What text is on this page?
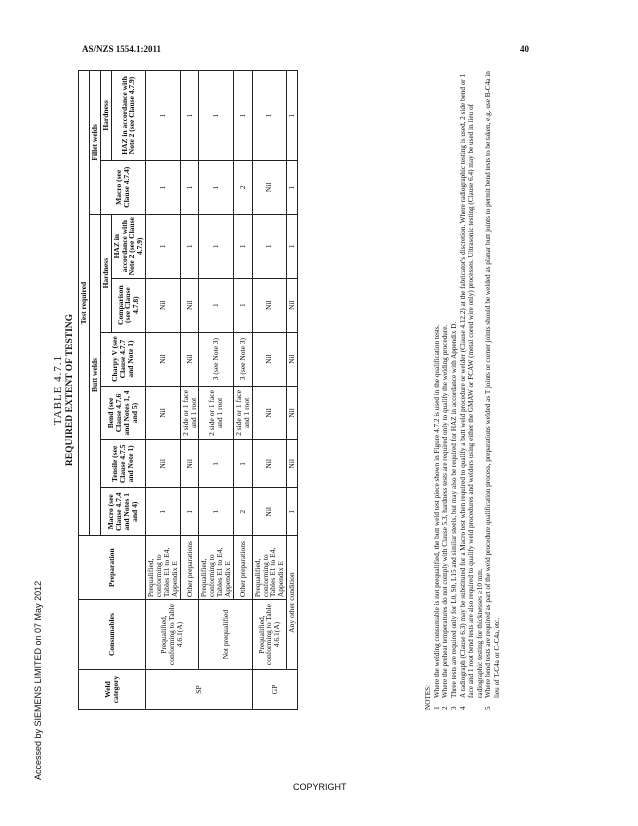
AS/NZS 1554.1:2011	40
Accessed by SIEMENS LIMITED on 07 May 2012
COPYRIGHT
TABLE 4.7.1 REQUIRED EXTENT OF TESTING
Weld category	Consumables	Preparation	Test required							
			Butt welds						Fillet welds	
			Macro (see Clause 4.7.4 and Notes 1 and 4)	Tensile (see Clause 4.7.5 and Note 1)	Bend (see Clause 4.7.6 and Notes 1, 4 and 5)	Charpy V (see Clause 4.7.7 and Note 1)	Hardness		Macro (see Clause 4.7.4)	Hardness
							Comparison (see Clause 4.7.8)	HAZ in accordance with Note 2 (see Clause 4.7.9)		HAZ in accordance with Note 2 (see Clause 4.7.9)
SP	Prequalified, conforming to Table 4.6.1(A)	Prequalified, conforming to Tables E1 to E4, Appendix E	1	Nil	Nil	Nil	Nil	1	1	1
		Other preparations	1	Nil	2 side or 1 face and 1 root	Nil	Nil	1	1	1
	Not prequalified	Prequalified, conforming to Tables E1 to E4, Appendix E	1	1	2 side or 1 face and 1 root	3 (see Note 3)	1	1	1	1
		Other preparations	2	1	2 side or 1 face and 1 root	3 (see Note 3)	1	1	2	1
GP	Prequalified, conforming to Table 4.6.1(A)	Prequalified, conforming to Tables E1 to E4, Appendix E	Nil	Nil	Nil	Nil	Nil	1	Nil	1
	Any other condition		1	Nil	Nil	Nil	Nil	1	1	1
NOTES: 1
Where the welding consumable is not prequalified, the butt weld test piece shown in Figure 4.7.2 is used in the qualification tests.
2
Where the preheat temperatures do not comply with Clause 5.3, hardness tests are required only to qualify the welding procedure.
3
Three tests are required only for L0, S0, L15 and similar steels, but may also be required for HAZ in accordance with Appendix D.
4
A radiograph (Clause 6.3) may be substituted for a Macro test when required to qualify a butt weld procedure or welder (Clause 4.12.2) at the fabricator's discretion. Where radiographic testing is used, 2 side bend or 1 face and 1 root bend tests are also required to qualify weld procedures and welders using either the GMAW or FCAW (metal cored wire only) processes. Ultrasonic testing (Clause 6.4) may be used in lieu of radiographic testing for thicknesses ≥10 mm.
5
Where bend tests are required as part of the weld procedure qualification process, preparations welded as T joints or corner joints should be welded as planar butt joints to permit bend tests to be taken, e.g. use B-C4a in lieu of T-C4a or C-C4a, etc.
